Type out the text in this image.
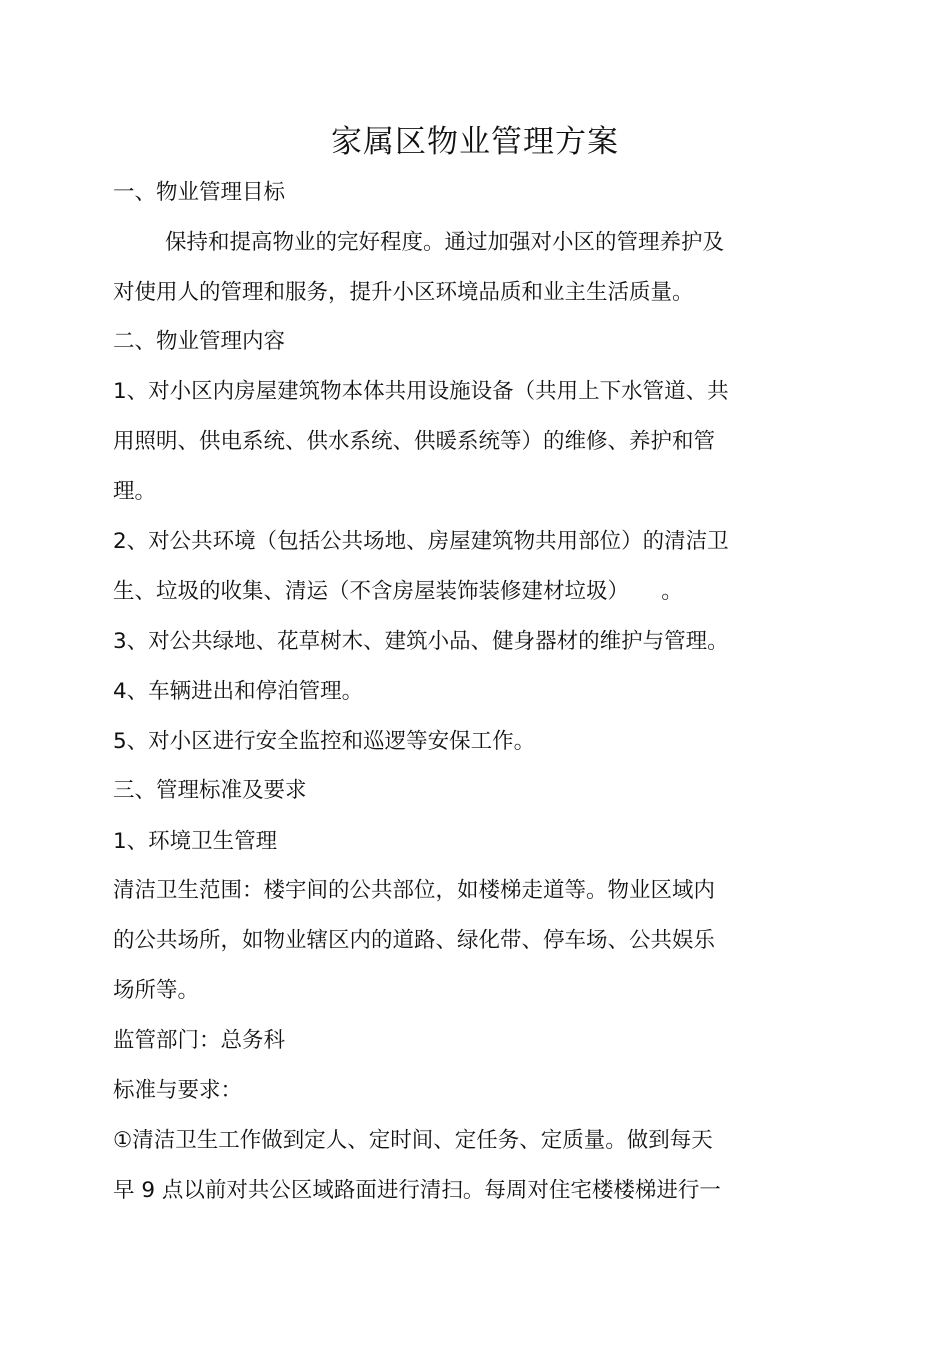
家属区物业管理方案
一、物业管理目标
保持和提高物业的完好程度。通过加强对小区的管理养护及
对使用人的管理和服务，提升小区环境品质和业主生活质量。
二、物业管理内容
1、对小区内房屋建筑物本体共用设施设备（共用上下水管道、共
用照明、供电系统、供水系统、供暖系统等）的维修、养护和管
理。
2、对公共环境（包括公共场地、房屋建筑物共用部位）的清洁卫
生、垃圾的收集、清运（不含房屋装饰装修建材垃圾）　　。
3、对公共绿地、花草树木、建筑小品、健身器材的维护与管理。
4、车辆进出和停泊管理。
5、对小区进行安全监控和巡逻等安保工作。
三、管理标准及要求
1、环境卫生管理
清洁卫生范围：楼宇间的公共部位，如楼梯走道等。物业区域内
的公共场所，如物业辖区内的道路、绿化带、停车场、公共娱乐
场所等。
监管部门：总务科
标准与要求：
①清洁卫生工作做到定人、定时间、定任务、定质量。做到每天
早 9 点以前对共公区域路面进行清扫。每周对住宅楼楼梯进行一
